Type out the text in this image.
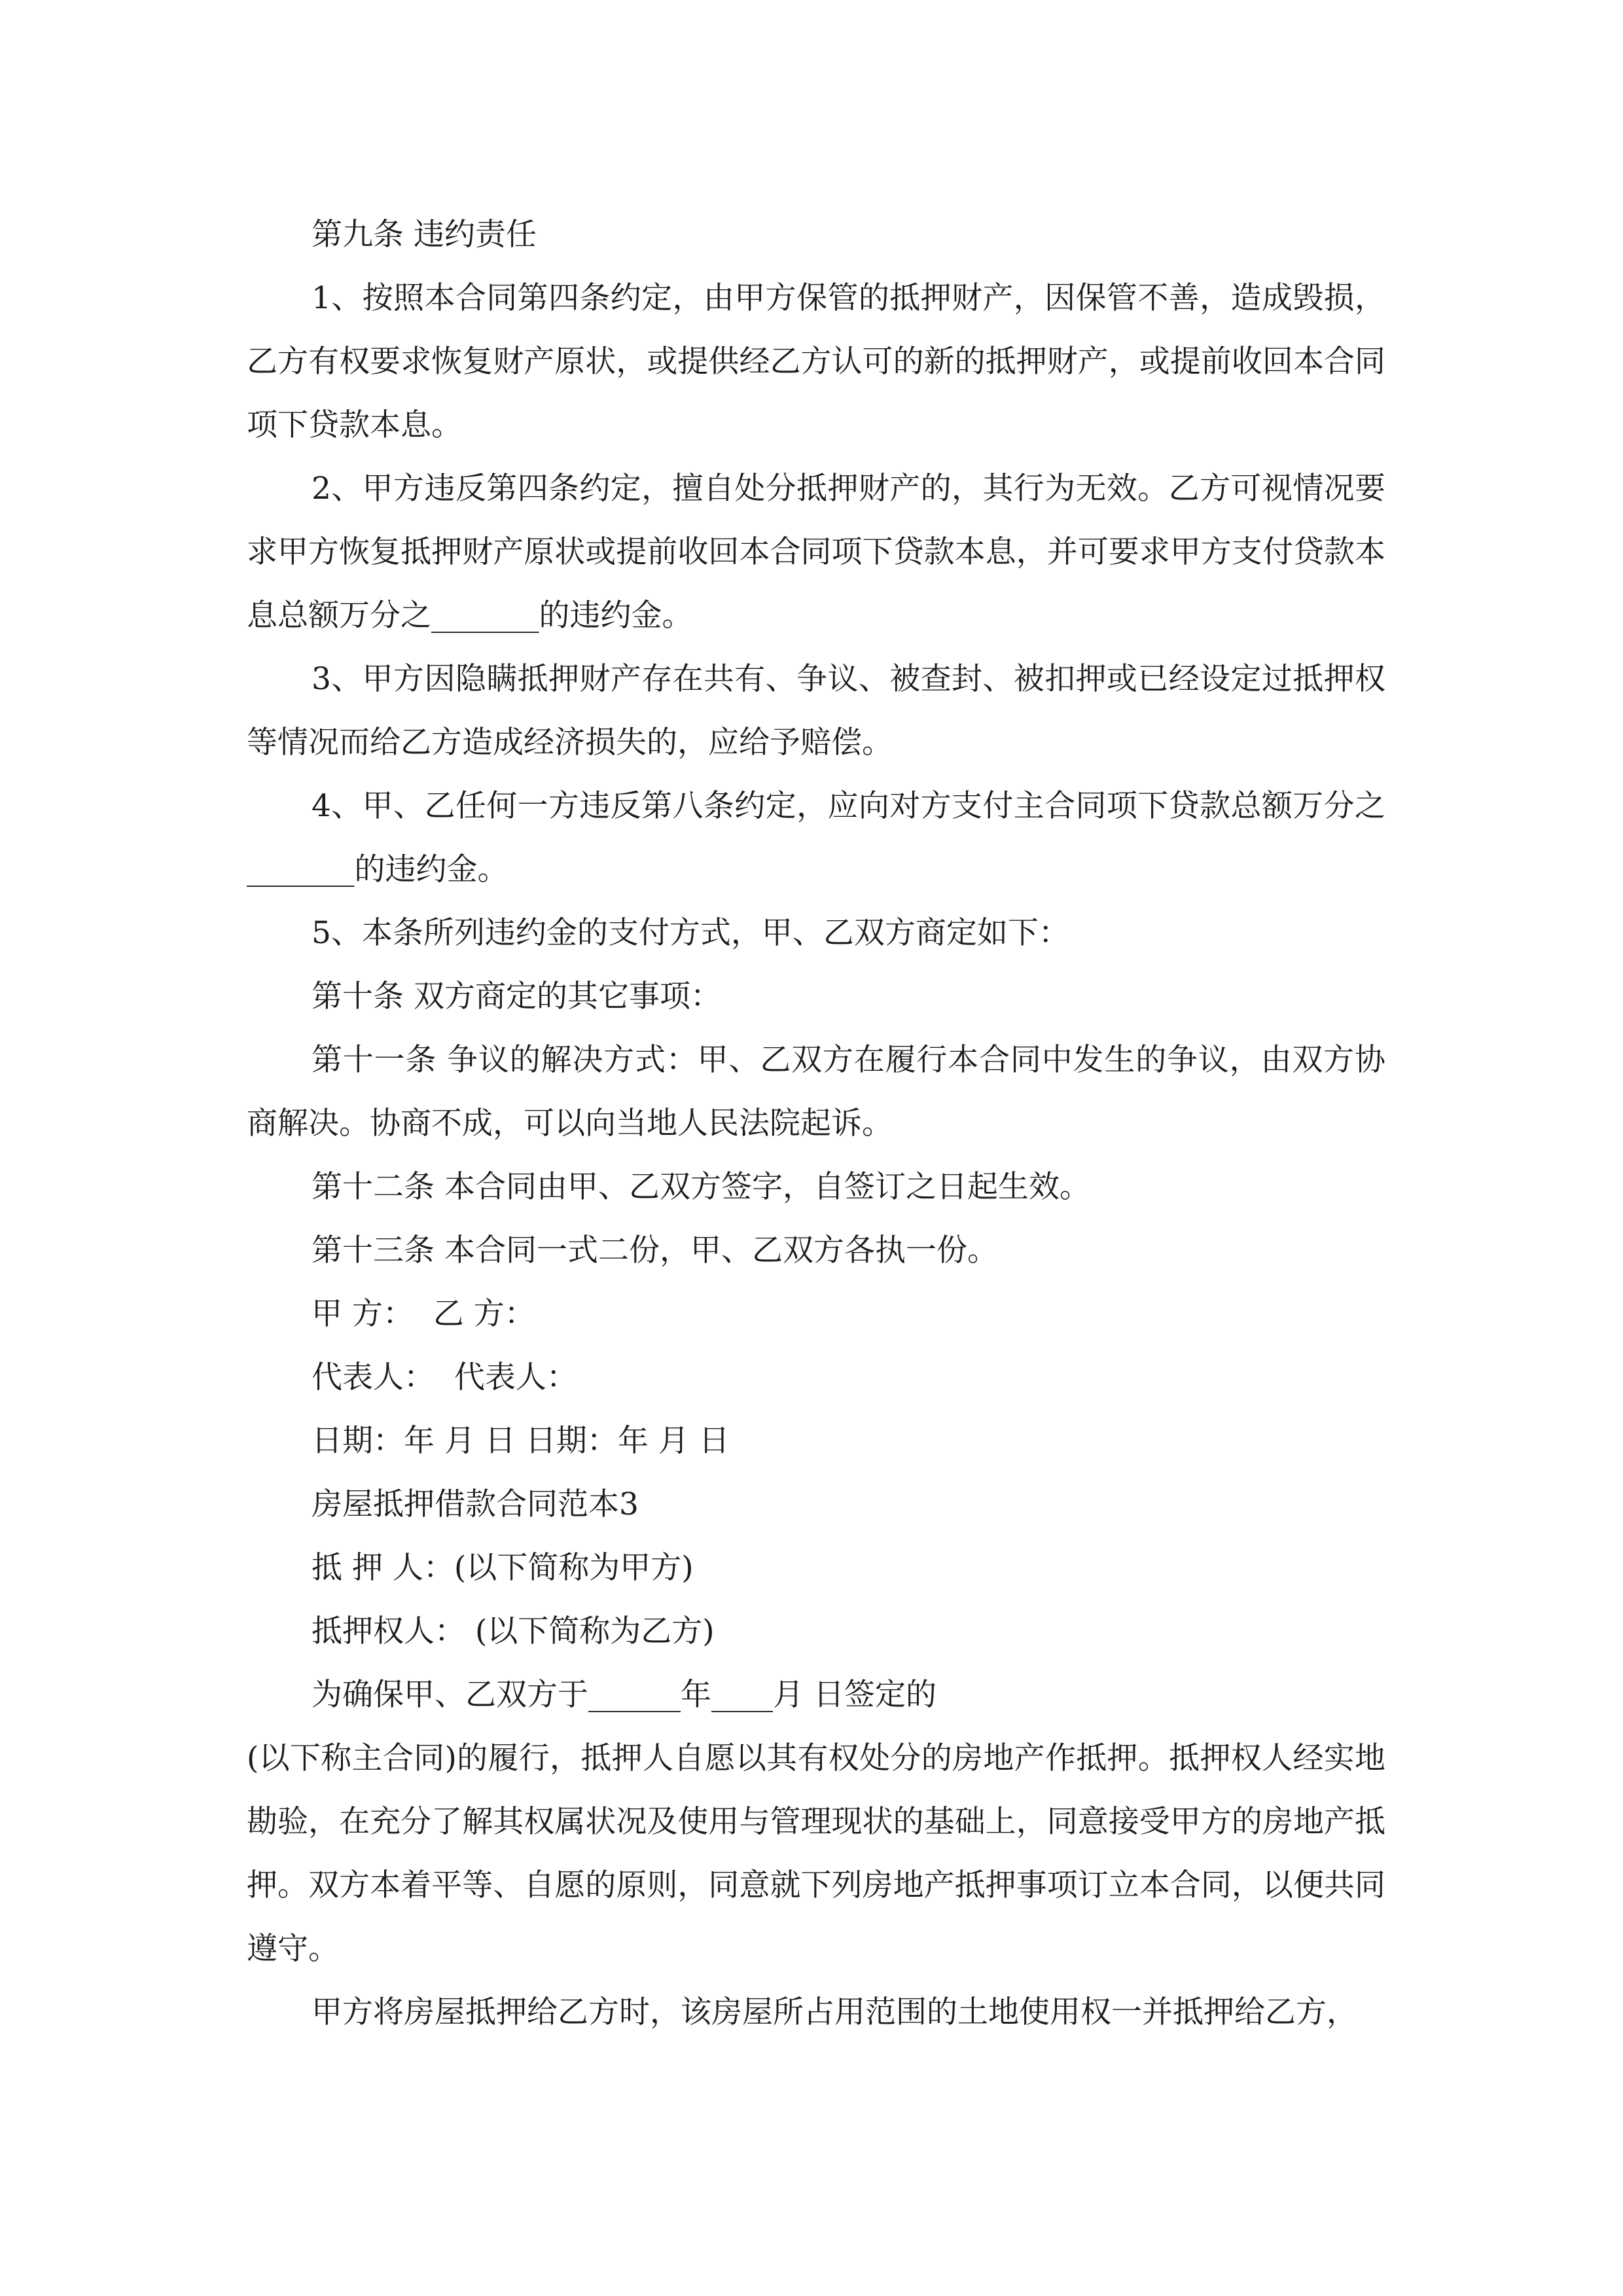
第九条 违约责任

1、按照本合同第四条约定，由甲方保管的抵押财产，因保管不善，造成毁损，乙方有权要求恢复财产原状，或提供经乙方认可的新的抵押财产，或提前收回本合同项下贷款本息。

2、甲方违反第四条约定，擅自处分抵押财产的，其行为无效。乙方可视情况要求甲方恢复抵押财产原状或提前收回本合同项下贷款本息，并可要求甲方支付贷款本息总额万分之_______的违约金。

3、甲方因隐瞒抵押财产存在共有、争议、被查封、被扣押或已经设定过抵押权等情况而给乙方造成经济损失的，应给予赔偿。

4、甲、乙任何一方违反第八条约定，应向对方支付主合同项下贷款总额万分之_______的违约金。

5、本条所列违约金的支付方式，甲、乙双方商定如下：

第十条 双方商定的其它事项：

第十一条 争议的解决方式：甲、乙双方在履行本合同中发生的争议，由双方协商解决。协商不成，可以向当地人民法院起诉。

第十二条 本合同由甲、乙双方签字，自签订之日起生效。

第十三条 本合同一式二份，甲、乙双方各执一份。

甲 方：  乙 方：

代表人：  代表人：

日期：年 月 日 日期：年 月 日

房屋抵押借款合同范本3

抵 押 人：(以下简称为甲方)

抵押权人： (以下简称为乙方)

为确保甲、乙双方于______年____月 日签定的

(以下称主合同)的履行，抵押人自愿以其有权处分的房地产作抵押。抵押权人经实地勘验，在充分了解其权属状况及使用与管理现状的基础上，同意接受甲方的房地产抵押。双方本着平等、自愿的原则，同意就下列房地产抵押事项订立本合同，以便共同遵守。

甲方将房屋抵押给乙方时，该房屋所占用范围的土地使用权一并抵押给乙方，
